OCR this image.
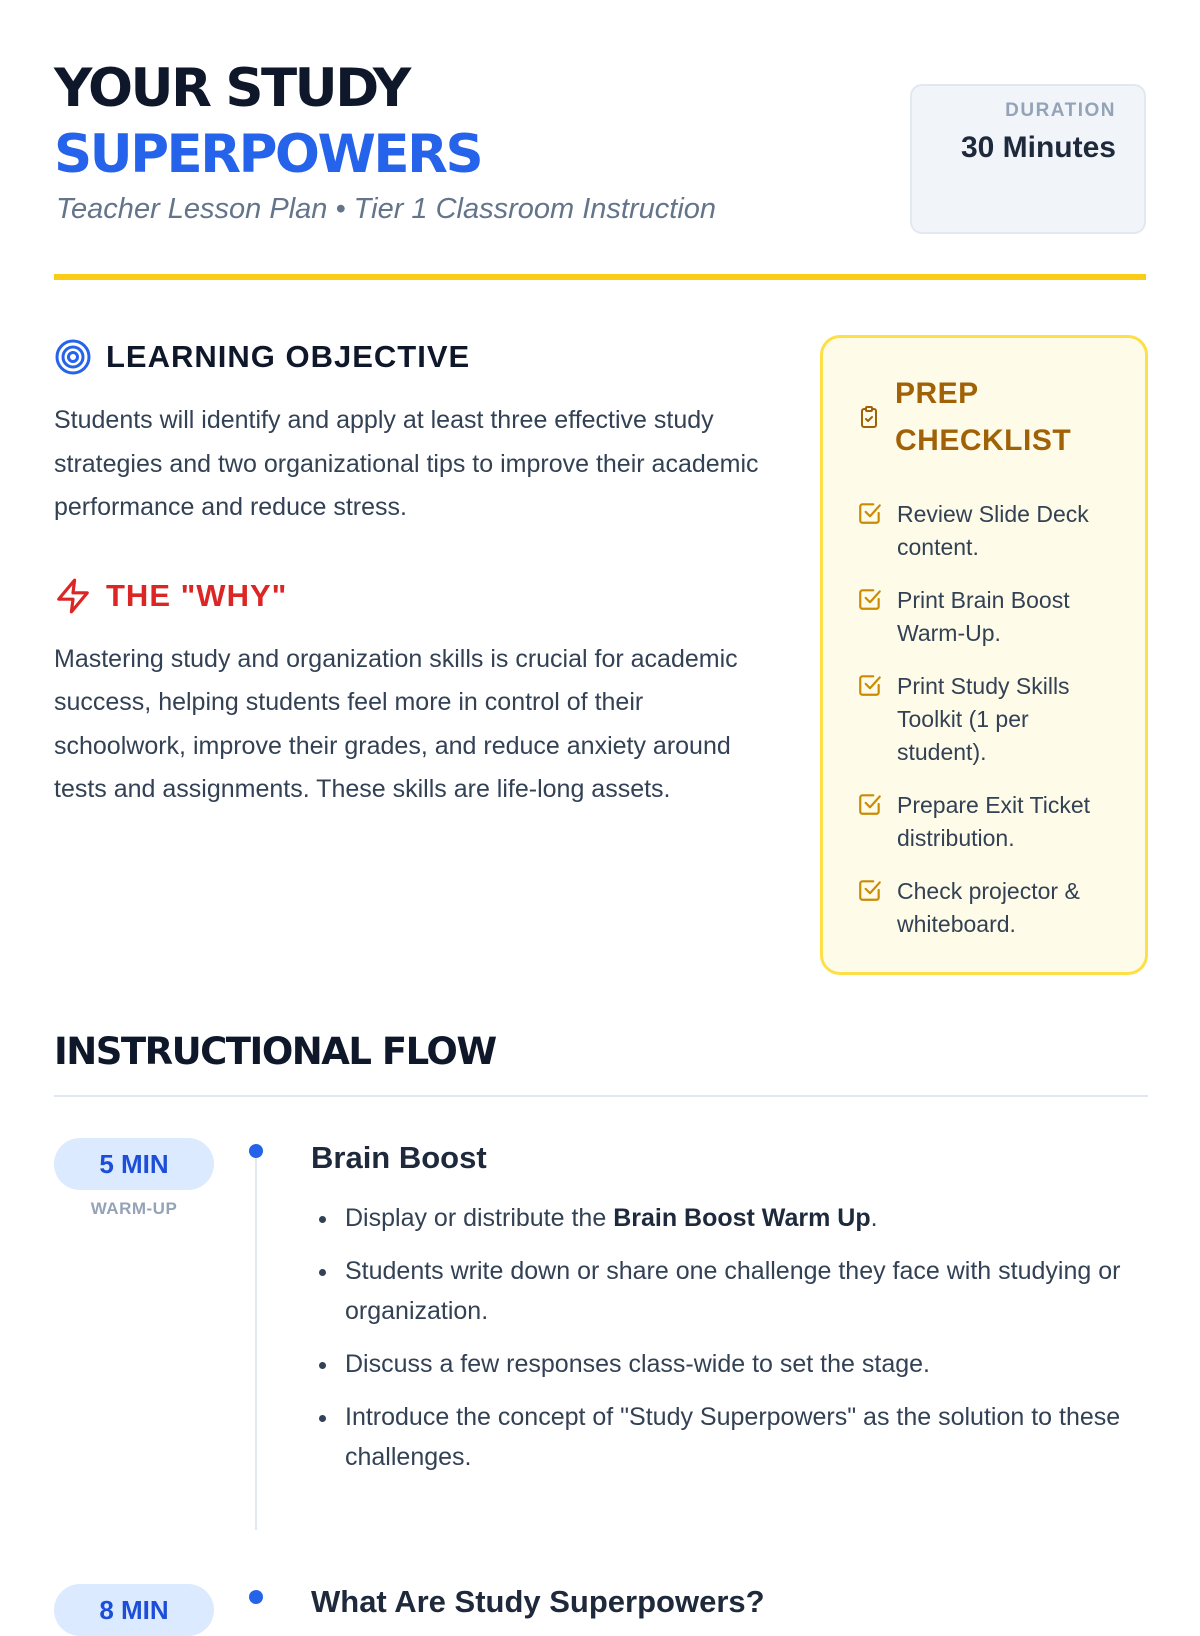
YOUR STUDY
SUPERPOWERS
Teacher Lesson Plan • Tier 1 Classroom Instruction
DURATION
30 Minutes
LEARNING OBJECTIVE

Students will identify and apply at least three effective study strategies and two organizational tips to improve their academic performance and reduce stress.

THE "WHY"

Mastering study and organization skills is crucial for academic success, helping students feel more in control of their schoolwork, improve their grades, and reduce anxiety around tests and assignments. These skills are life-long assets.

PREP CHECKLIST
Review Slide Deck content.
Print Brain Boost Warm-Up.
Print Study Skills Toolkit (1 per student).
Prepare Exit Ticket distribution.
Check projector & whiteboard.
INSTRUCTIONAL FLOW
5 MIN
WARM-UP
Brain Boost
Display or distribute the Brain Boost Warm Up.
Students write down or share one challenge they face with studying or organization.
Discuss a few responses class-wide to set the stage.
Introduce the concept of "Study Superpowers" as the solution to these challenges.
8 MIN	What Are Study Superpowers?
